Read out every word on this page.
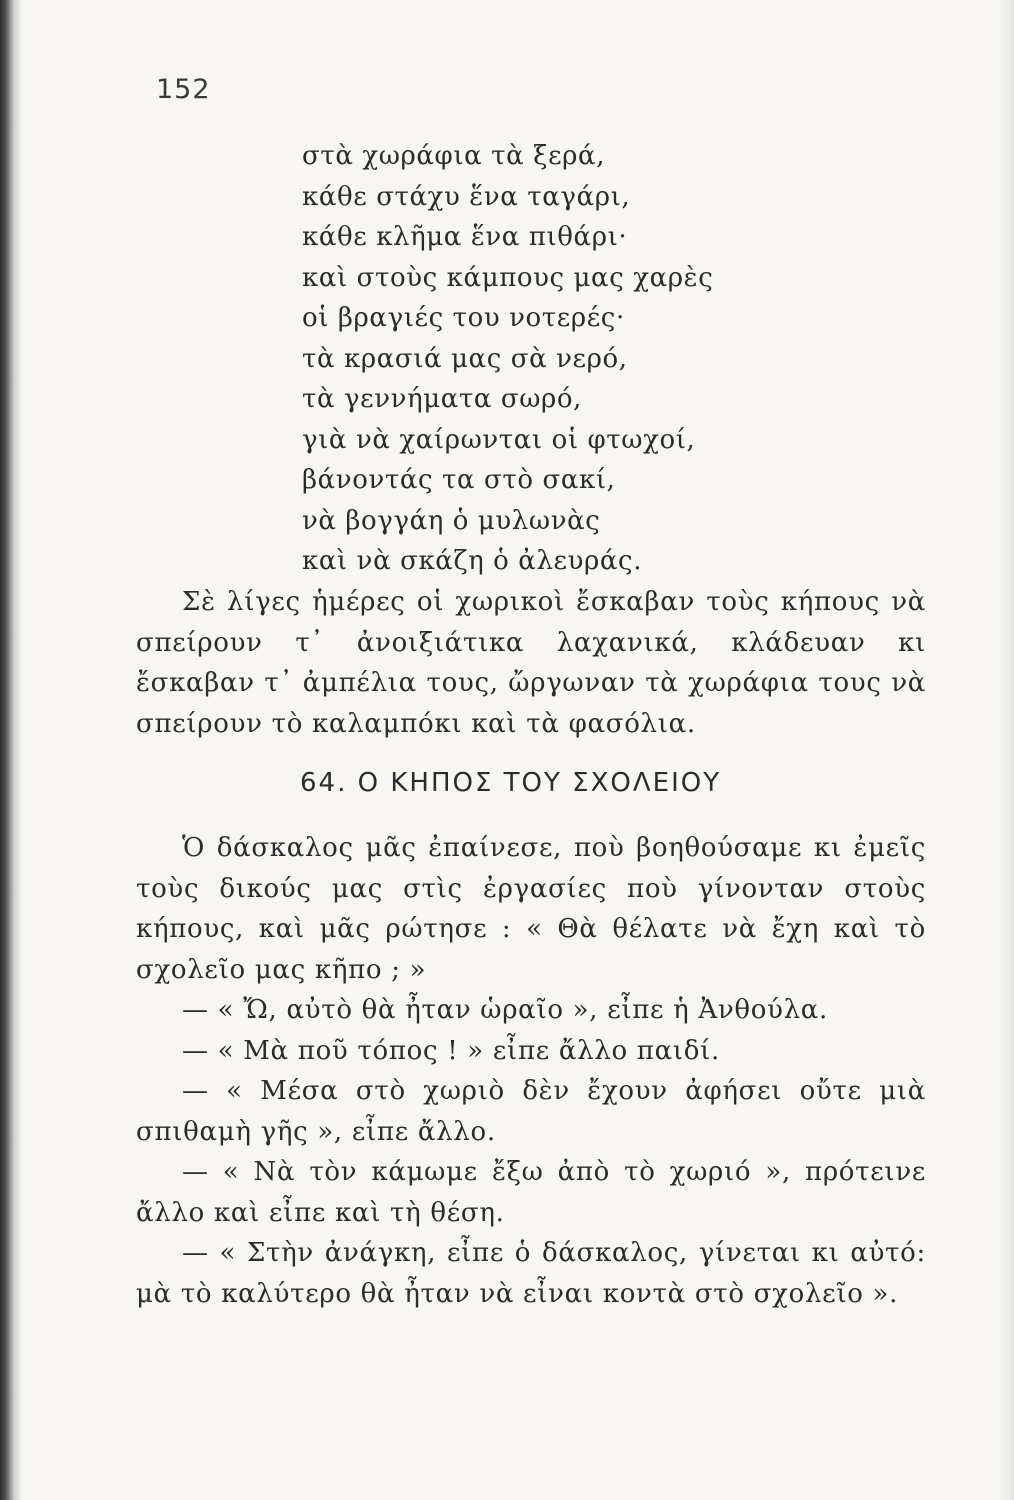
152
στὰ χωράφια τὰ ξερά,
κάθε στάχυ ἕνα ταγάρι,
κάθε κλῆμα ἕνα πιθάρι·
καὶ στοὺς κάμπους μας χαρὲς
οἱ βραγιές του νοτερές·
τὰ κρασιά μας σὰ νερό,
τὰ γεννήματα σωρό,
γιὰ νὰ χαίρωνται οἱ φτωχοί,
βάνοντάς τα στὸ σακί,
νὰ βογγάη ὁ μυλωνὰς
καὶ νὰ σκάζη ὁ ἀλευράς.

Σὲ λίγες ἡμέρες οἱ χωρικοὶ ἔσκαβαν τοὺς κήπους νὰ σπείρουν τ᾿ ἀνοιξιάτικα λαχανικά, κλάδευαν κι ἔσκαβαν τ᾿ ἀμπέλια τους, ὤργωναν τὰ χωράφια τους νὰ σπείρουν τὸ καλαμπόκι καὶ τὰ φασόλια.

64. Ο ΚΗΠΟΣ ΤΟΥ ΣΧΟΛΕΙΟΥ

Ὁ δάσκαλος μᾶς ἐπαίνεσε, ποὺ βοηθούσαμε κι ἐμεῖς τοὺς δικούς μας στὶς ἐργασίες ποὺ γίνονταν στοὺς κήπους, καὶ μᾶς ρώτησε : « Θὰ θέλατε νὰ ἔχη καὶ τὸ σχολεῖο μας κῆπο ; »

— « Ὤ, αὐτὸ θὰ ἦταν ὡραῖο », εἶπε ἡ Ἀνθούλα.

— « Μὰ ποῦ τόπος ! » εἶπε ἄλλο παιδί.

— « Μέσα στὸ χωριὸ δὲν ἔχουν ἀφήσει οὔτε μιὰ σπιθαμὴ γῆς », εἶπε ἄλλο.

— « Νὰ τὸν κάμωμε ἔξω ἀπὸ τὸ χωριό », πρότεινε ἄλλο καὶ εἶπε καὶ τὴ θέση.

— « Στὴν ἀνάγκη, εἶπε ὁ δάσκαλος, γίνεται κι αὐτό: μὰ τὸ καλύτερο θὰ ἦταν νὰ εἶναι κοντὰ στὸ σχολεῖο ».
